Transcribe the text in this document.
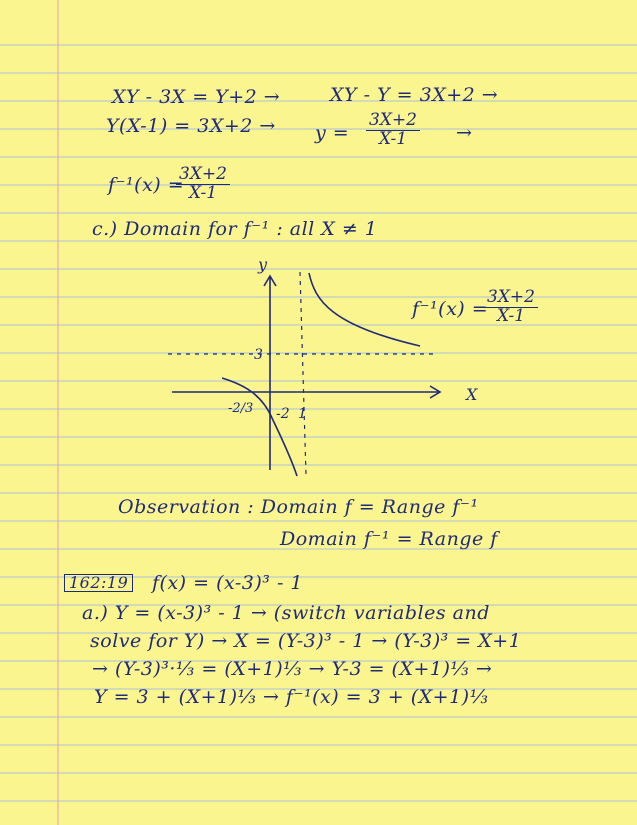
XY - 3X = Y+2 →	XY - Y = 3X+2 →
$Y(X-1) = 3X+2 \to y = \frac{3X+2}{X-1}$ →
f⁻¹(x) =
$\frac{3X+2}{X-1}$
c.) Domain for f⁻¹ : all X ≠ 1
y
X
3
-2/3 -2 1
f⁻¹(x) =
$\frac{3X+2}{X-1}$
Observation : Domain f = Range f⁻¹
Domain f⁻¹ = Range f
162:19 f(x) = (x-3)³ - 1
a.) Y = (x-3)³ - 1 → (switch variables and
solve for Y) → X = (Y-3)³ - 1 → (Y-3)³ = X+1
→ (Y-3)³·⅓ = (X+1)⅓ → Y-3 = (X+1)⅓ →
Y = 3 + (X+1)⅓ → f⁻¹(x) = 3 + (X+1)⅓
